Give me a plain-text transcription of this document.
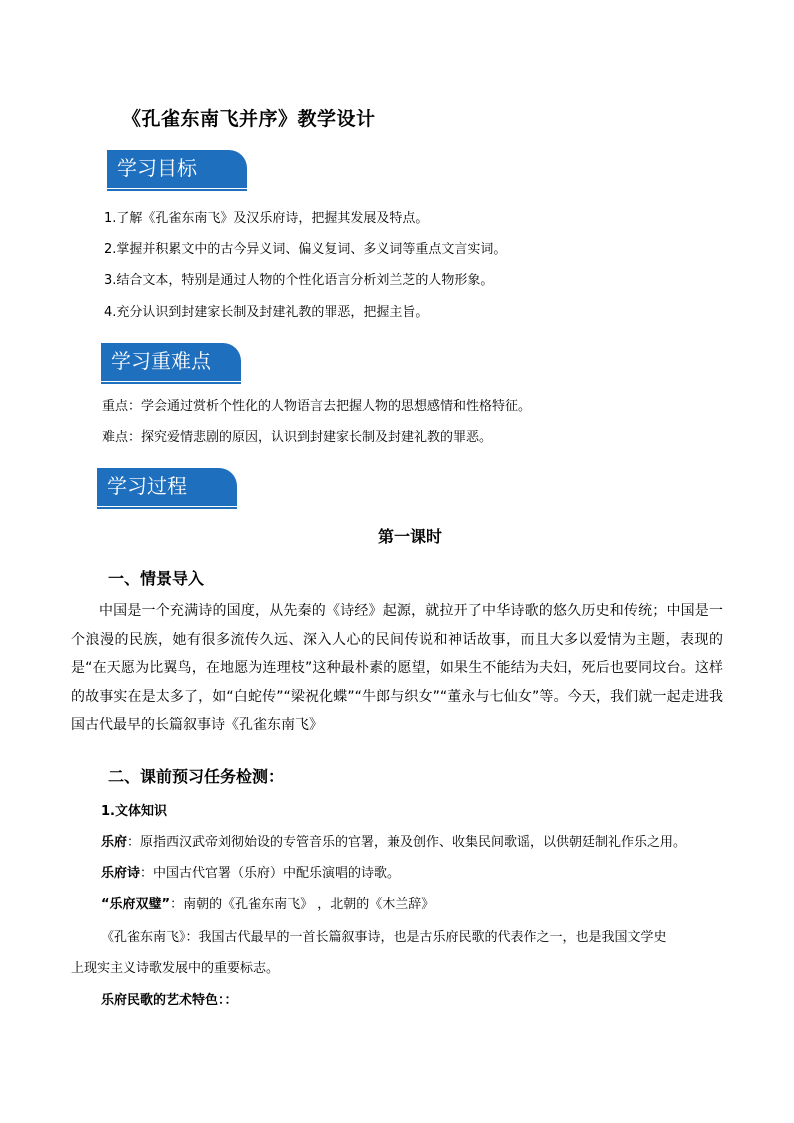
《孔雀东南飞并序》教学设计
学习目标
1.了解《孔雀东南飞》及汉乐府诗，把握其发展及特点。
2.掌握并积累文中的古今异义词、偏义复词、多义词等重点文言实词。
3.结合文本，特别是通过人物的个性化语言分析刘兰芝的人物形象。
4.充分认识到封建家长制及封建礼教的罪恶，把握主旨。
学习重难点
重点：学会通过赏析个性化的人物语言去把握人物的思想感情和性格特征。
难点：探究爱情悲剧的原因，认识到封建家长制及封建礼教的罪恶。
学习过程
第一课时
一、情景导入
中国是一个充满诗的国度，从先秦的《诗经》起源，就拉开了中华诗歌的悠久历史和传统；中国是一个浪漫的民族，她有很多流传久远、深入人心的民间传说和神话故事，而且大多以爱情为主题，表现的是“在天愿为比翼鸟，在地愿为连理枝”这种最朴素的愿望，如果生不能结为夫妇，死后也要同坟台。这样的故事实在是太多了，如“白蛇传”“梁祝化蝶”“牛郎与织女”“董永与七仙女”等。今天，我们就一起走进我国古代最早的长篇叙事诗《孔雀东南飞》
二、课前预习任务检测：
1.文体知识
乐府：原指西汉武帝刘彻始设的专管音乐的官署，兼及创作、收集民间歌谣，以供朝廷制礼作乐之用。
乐府诗：中国古代官署（乐府）中配乐演唱的诗歌。
“乐府双璧”：南朝的《孔雀东南飞》 ，北朝的《木兰辞》
《孔雀东南飞》：我国古代最早的一首长篇叙事诗，也是古乐府民歌的代表作之一，也是我国文学史
上现实主义诗歌发展中的重要标志。
乐府民歌的艺术特色：：
